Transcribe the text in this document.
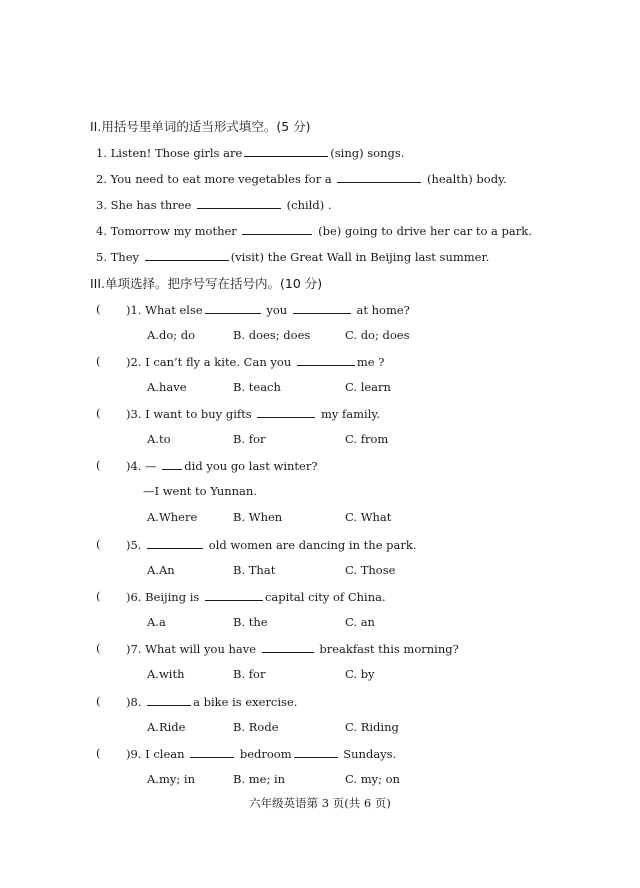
II.用括号里单词的适当形式填空。(5 分)
1. Listen! Those girls are	(sing) songs.
2. You need to eat more vegetables for a	(health) body.
3. She has three	(child) .
4. Tomorrow my mother	(be) going to drive her car to a park.
5. They	(visit) the Great Wall in Beijing last summer.
III.单项选择。把序号写在括号内。(10 分)
( )1. What else	you	at home?
A.do; do	B. does; does	C. do; does
( )2. I can’t fly a kite. Can you	me ?
A.have	B. teach	C. learn
( )3. I want to buy gifts	my family.
A.to	B. for	C. from
( )4. — did you go last winter?
—I went to Yunnan.
A.Where	B. When	C. What
( )5.	old women are dancing in the park.
A.An	B. That	C. Those
( )6. Beijing is	capital city of China.
A.a	B. the	C. an
( )7. What will you have	breakfast this morning?
A.with	B. for	C. by
( )8.	a bike is exercise.
A.Ride	B. Rode	C. Riding
( )9. I clean	bedroom	Sundays.
A.my; in	B. me; in	C. my; on
六年级英语第 3 页(共 6 页)
